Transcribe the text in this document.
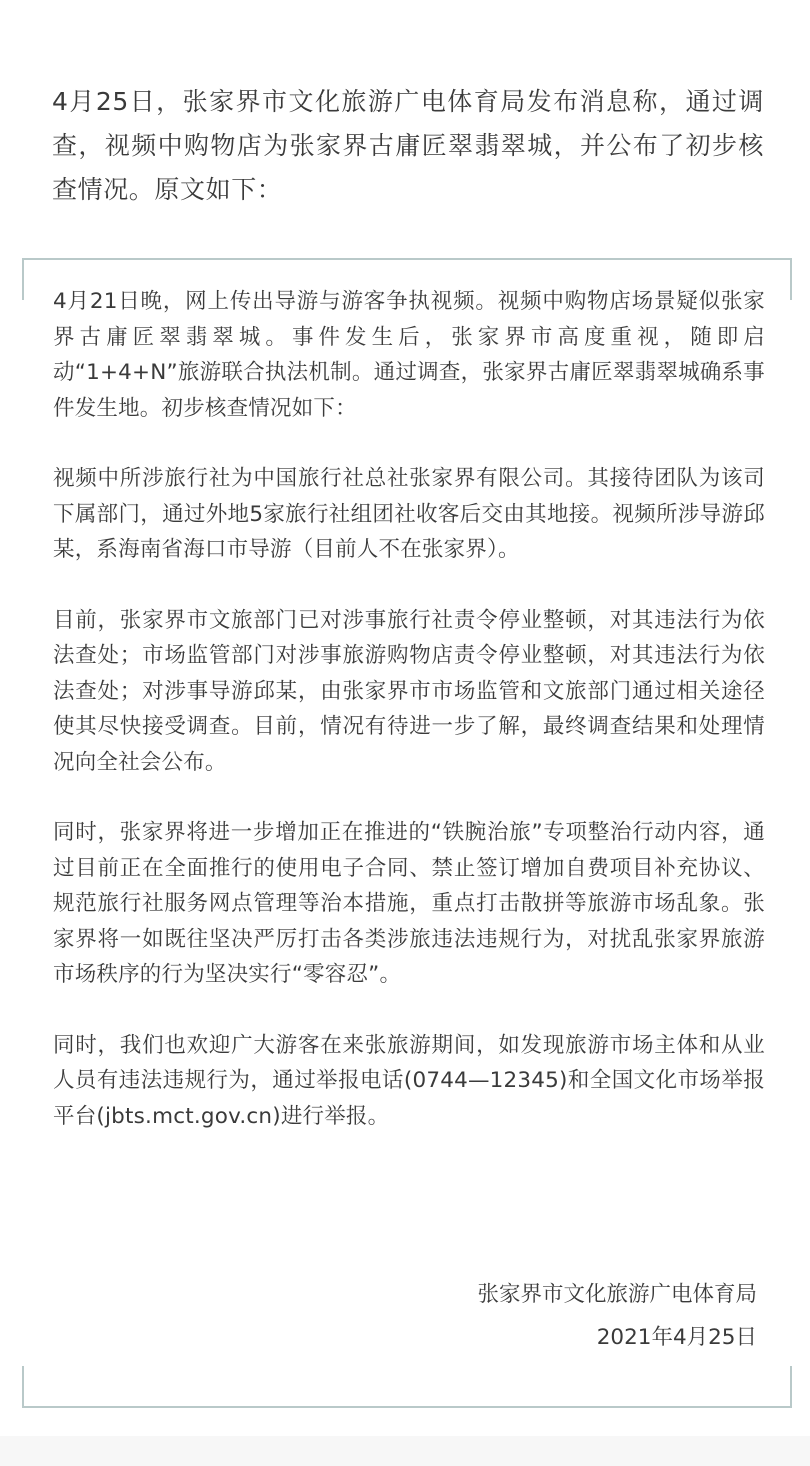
4月25日，张家界市文化旅游广电体育局发布消息称，通过调查，视频中购物店为张家界古庸匠翠翡翠城，并公布了初步核查情况。原文如下：

4月21日晚，网上传出导游与游客争执视频。视频中购物店场景疑似张家界古庸匠翠翡翠城。事件发生后，张家界市高度重视，随即启动“1+4+N”旅游联合执法机制。通过调查，张家界古庸匠翠翡翠城确系事件发生地。初步核查情况如下：

视频中所涉旅行社为中国旅行社总社张家界有限公司。其接待团队为该司下属部门，通过外地5家旅行社组团社收客后交由其地接。视频所涉导游邱某，系海南省海口市导游（目前人不在张家界）。

目前，张家界市文旅部门已对涉事旅行社责令停业整顿，对其违法行为依法查处；市场监管部门对涉事旅游购物店责令停业整顿，对其违法行为依法查处；对涉事导游邱某，由张家界市市场监管和文旅部门通过相关途径使其尽快接受调查。目前，情况有待进一步了解，最终调查结果和处理情况向全社会公布。

同时，张家界将进一步增加正在推进的“铁腕治旅”专项整治行动内容，通过目前正在全面推行的使用电子合同、禁止签订增加自费项目补充协议、规范旅行社服务网点管理等治本措施，重点打击散拼等旅游市场乱象。张家界将一如既往坚决严厉打击各类涉旅违法违规行为，对扰乱张家界旅游市场秩序的行为坚决实行“零容忍”。

同时，我们也欢迎广大游客在来张旅游期间，如发现旅游市场主体和从业人员有违法违规行为，通过举报电话(0744—12345)和全国文化市场举报平台(jbts.mct.gov.cn)进行举报。

张家界市文化旅游广电体育局
2021年4月25日
